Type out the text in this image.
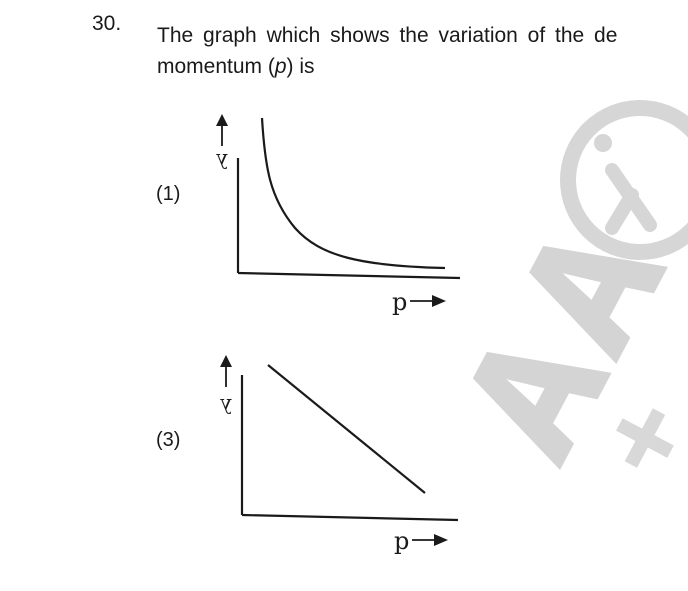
30.
The graph which shows the variation of the de
momentum (p) is
(1)
λ
p
(3)
λ
p
